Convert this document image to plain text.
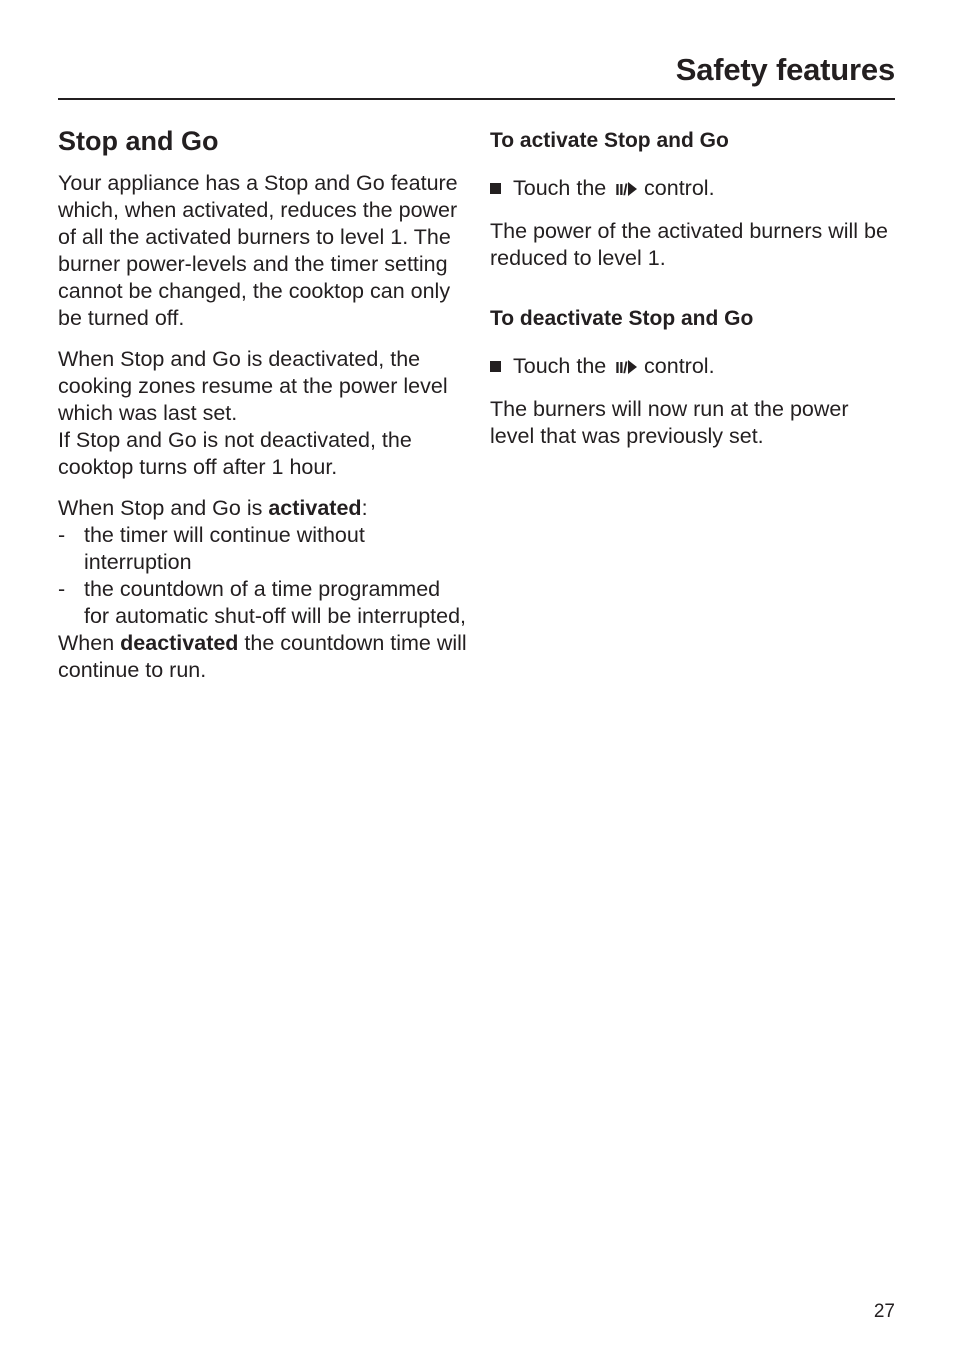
Safety features
Stop and Go

Your appliance has a Stop and Go feature which, when activated, reduces the power of all the activated burners to level 1. The burner power-levels and the timer setting cannot be changed, the cooktop can only be turned off.

When Stop and Go is deactivated, the cooking zones resume at the power level which was last set.
If Stop and Go is not deactivated, the cooktop turns off after 1 hour.

When Stop and Go is activated:

- the timer will continue without interruption
- the countdown of a time programmed for automatic shut-off will be interrupted,

When deactivated the countdown time will continue to run.

To activate Stop and Go
Touch the II/ control.

The power of the activated burners will be reduced to level 1.

To deactivate Stop and Go
Touch the II/ control.

The burners will now run at the power level that was previously set.

27
